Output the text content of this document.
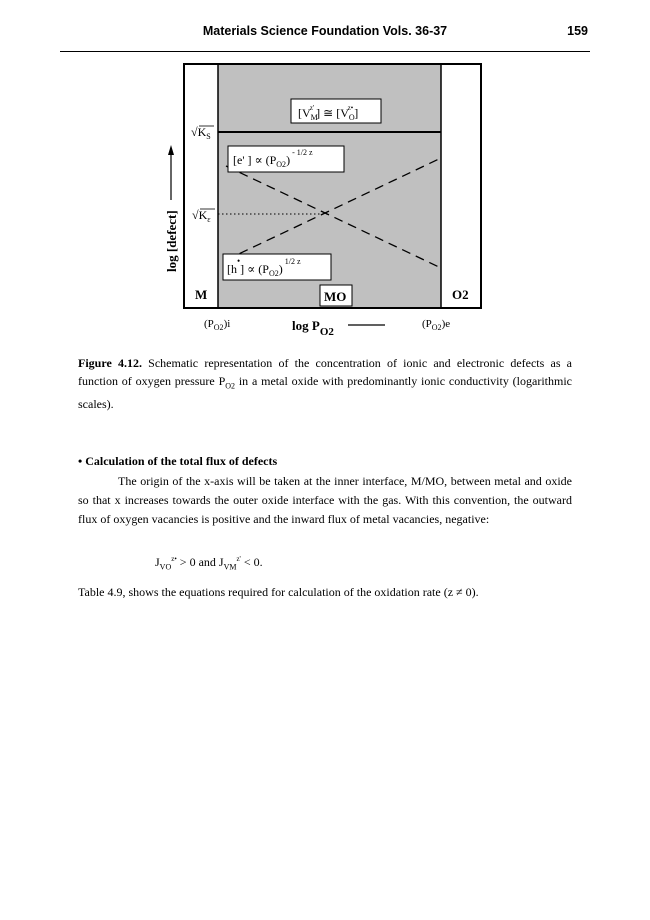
Materials Science Foundation Vols. 36-37	159
[$V_Mz'$ ] ≅ $[V_Oz•]$
[e' ] ∝ $(P_{O2})^{- 1/2 z}$
$[h^•] \propto (P_{O2})^{1/2 z}$
$√K_S$
$√K_\varepsilon$
log [defect]
M	MO	O2
$(P_{O2})i$	$\log P_{O2}$
$(P_{O2})e$
Figure 4.12. Schematic representation of the concentration of ionic and electronic defects as a function of oxygen pressure $P_{O2}$ in a metal oxide with predominantly ionic conductivity (logarithmic scales).
• Calculation of the total flux of defects
The origin of the x-axis will be taken at the inner interface, M/MO, between metal and oxide so that x increases towards the outer oxide interface with the gas. With this convention, the outward flux of oxygen vacancies is positive and the inward flux of metal vacancies, negative:
$J_{VO}^{z•} > 0$ and $J_{VM}^{z'} < 0$.
Table 4.9, shows the equations required for calculation of the oxidation rate (z ≠ 0).
